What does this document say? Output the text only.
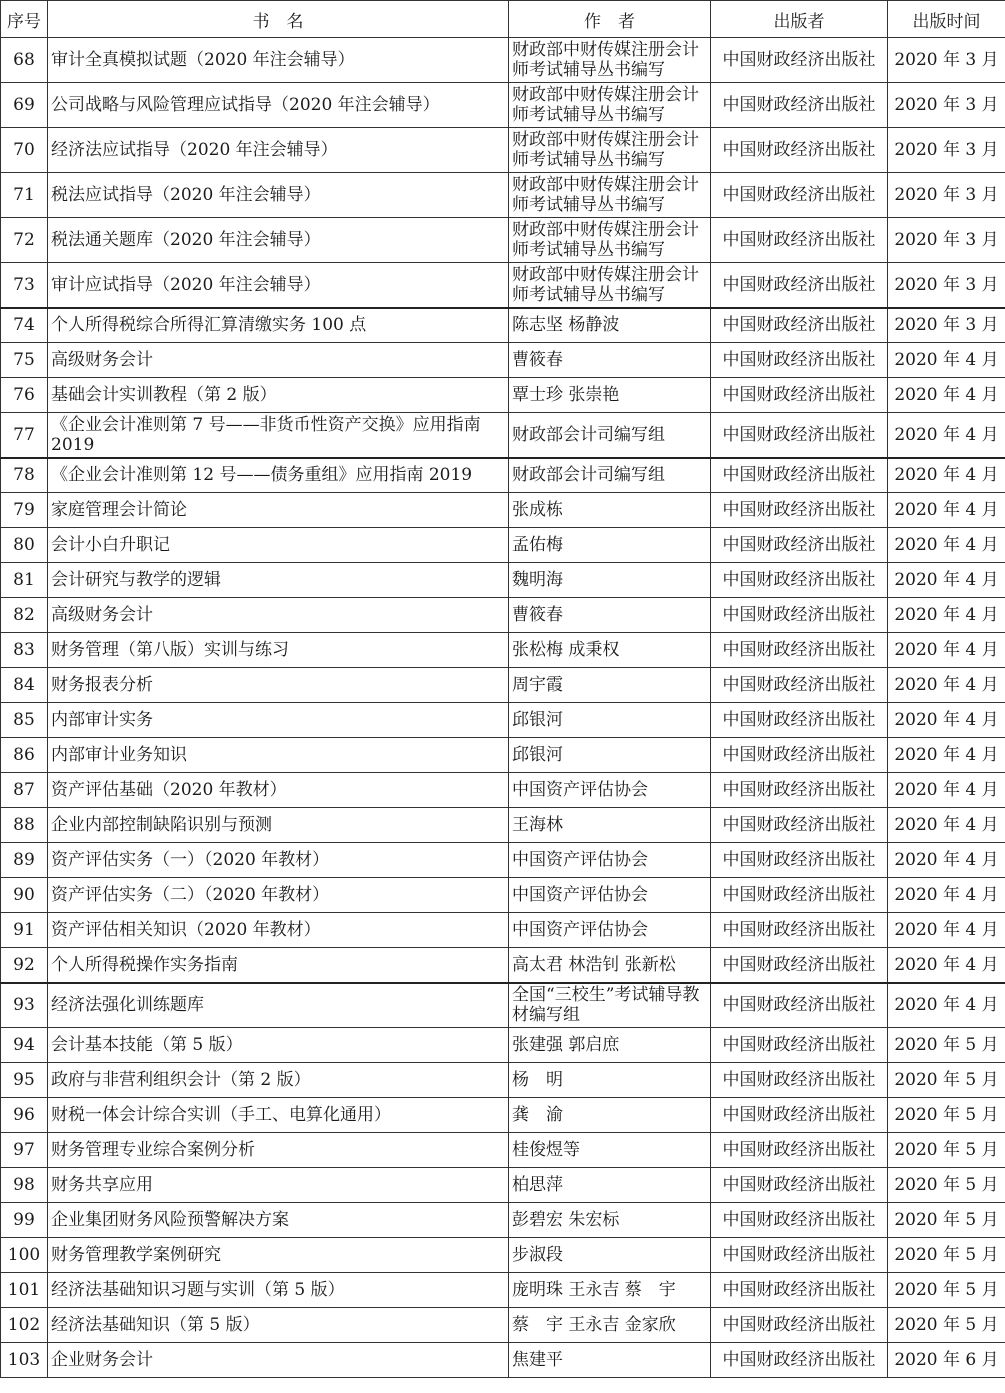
序号	书　名	作　者	出版者	出版时间
68	审计全真模拟试题（2020 年注会辅导）	财政部中财传媒注册会计师考试辅导丛书编写	中国财政经济出版社	2020 年 3 月
69	公司战略与风险管理应试指导（2020 年注会辅导）	财政部中财传媒注册会计师考试辅导丛书编写	中国财政经济出版社	2020 年 3 月
70	经济法应试指导（2020 年注会辅导）	财政部中财传媒注册会计师考试辅导丛书编写	中国财政经济出版社	2020 年 3 月
71	税法应试指导（2020 年注会辅导）	财政部中财传媒注册会计师考试辅导丛书编写	中国财政经济出版社	2020 年 3 月
72	税法通关题库（2020 年注会辅导）	财政部中财传媒注册会计师考试辅导丛书编写	中国财政经济出版社	2020 年 3 月
73	审计应试指导（2020 年注会辅导）	财政部中财传媒注册会计师考试辅导丛书编写	中国财政经济出版社	2020 年 3 月
74	个人所得税综合所得汇算清缴实务 100 点	陈志坚 杨静波	中国财政经济出版社	2020 年 3 月
75	高级财务会计	曹筱春	中国财政经济出版社	2020 年 4 月
76	基础会计实训教程（第 2 版）	覃士珍 张崇艳	中国财政经济出版社	2020 年 4 月
77	《企业会计准则第 7 号——非货币性资产交换》应用指南 2019	财政部会计司编写组	中国财政经济出版社	2020 年 4 月
78	《企业会计准则第 12 号——债务重组》应用指南 2019	财政部会计司编写组	中国财政经济出版社	2020 年 4 月
79	家庭管理会计简论	张成栋	中国财政经济出版社	2020 年 4 月
80	会计小白升职记	孟佑梅	中国财政经济出版社	2020 年 4 月
81	会计研究与教学的逻辑	魏明海	中国财政经济出版社	2020 年 4 月
82	高级财务会计	曹筱春	中国财政经济出版社	2020 年 4 月
83	财务管理（第八版）实训与练习	张松梅 成秉权	中国财政经济出版社	2020 年 4 月
84	财务报表分析	周宇霞	中国财政经济出版社	2020 年 4 月
85	内部审计实务	邱银河	中国财政经济出版社	2020 年 4 月
86	内部审计业务知识	邱银河	中国财政经济出版社	2020 年 4 月
87	资产评估基础（2020 年教材）	中国资产评估协会	中国财政经济出版社	2020 年 4 月
88	企业内部控制缺陷识别与预测	王海林	中国财政经济出版社	2020 年 4 月
89	资产评估实务（一）（2020 年教材）	中国资产评估协会	中国财政经济出版社	2020 年 4 月
90	资产评估实务（二）（2020 年教材）	中国资产评估协会	中国财政经济出版社	2020 年 4 月
91	资产评估相关知识（2020 年教材）	中国资产评估协会	中国财政经济出版社	2020 年 4 月
92	个人所得税操作实务指南	高太君 林浩钊 张新松	中国财政经济出版社	2020 年 4 月
93	经济法强化训练题库	全国“三校生”考试辅导教材编写组	中国财政经济出版社	2020 年 4 月
94	会计基本技能（第 5 版）	张建强 郭启庶	中国财政经济出版社	2020 年 5 月
95	政府与非营利组织会计（第 2 版）	杨　明	中国财政经济出版社	2020 年 5 月
96	财税一体会计综合实训（手工、电算化通用）	龚　渝	中国财政经济出版社	2020 年 5 月
97	财务管理专业综合案例分析	桂俊煜等	中国财政经济出版社	2020 年 5 月
98	财务共享应用	柏思萍	中国财政经济出版社	2020 年 5 月
99	企业集团财务风险预警解决方案	彭碧宏 朱宏标	中国财政经济出版社	2020 年 5 月
100	财务管理教学案例研究	步淑段	中国财政经济出版社	2020 年 5 月
101	经济法基础知识习题与实训（第 5 版）	庞明珠 王永吉 蔡　宇	中国财政经济出版社	2020 年 5 月
102	经济法基础知识（第 5 版）	蔡　宇 王永吉 金家欣	中国财政经济出版社	2020 年 5 月
103	企业财务会计	焦建平	中国财政经济出版社	2020 年 6 月
